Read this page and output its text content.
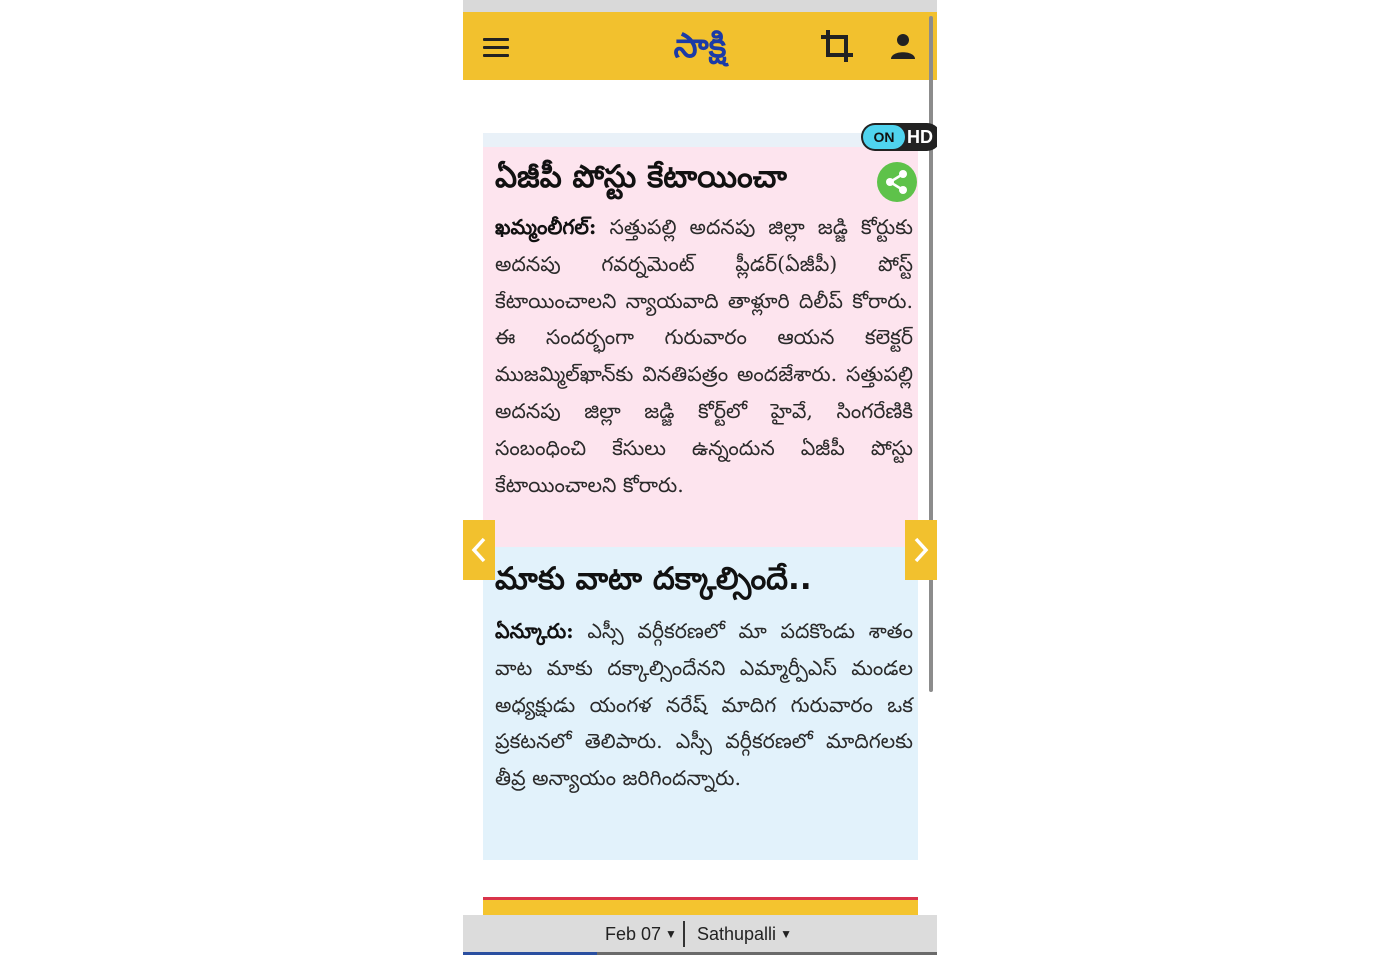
సాక్షి
ఏజీపీ పోస్టు కేటాయించా
ఖమ్మంలీగల్: సత్తుపల్లి అదనపు జిల్లా జడ్జి కోర్టుకు అదనపు గవర్నమెంట్ ప్లీడర్(ఏజీపీ) పోస్ట్ కేటాయించాలని న్యాయవాది తాళ్లూరి దిలీప్ కోరారు. ఈ సందర్భంగా గురువారం ఆయన కలెక్టర్ ముజమ్మిల్‌ఖాన్‌కు వినతిపత్రం అందజేశారు. సత్తుపల్లి అదనపు జిల్లా జడ్జి కోర్ట్‌లో హైవే, సింగరేణికి సంబంధించి కేసులు ఉన్నందున ఏజీపీ పోస్టు కేటాయించాలని కోరారు.
మాకు వాటా దక్కాల్సిందే..
ఏన్కూరు: ఎస్సీ వర్గీకరణలో మా పదకొండు శాతం వాట మాకు దక్కాల్సిందేనని ఎమ్మార్పీఎస్ మండల అధ్యక్షుడు యంగళ నరేష్ మాదిగ గురువారం ఒక ప్రకటనలో తెలిపారు. ఎస్సీ వర్గీకరణలో మాదిగలకు తీవ్ర అన్యాయం జరిగిందన్నారు.
ON HD
Feb 07 ▼ Sathupalli ▼
